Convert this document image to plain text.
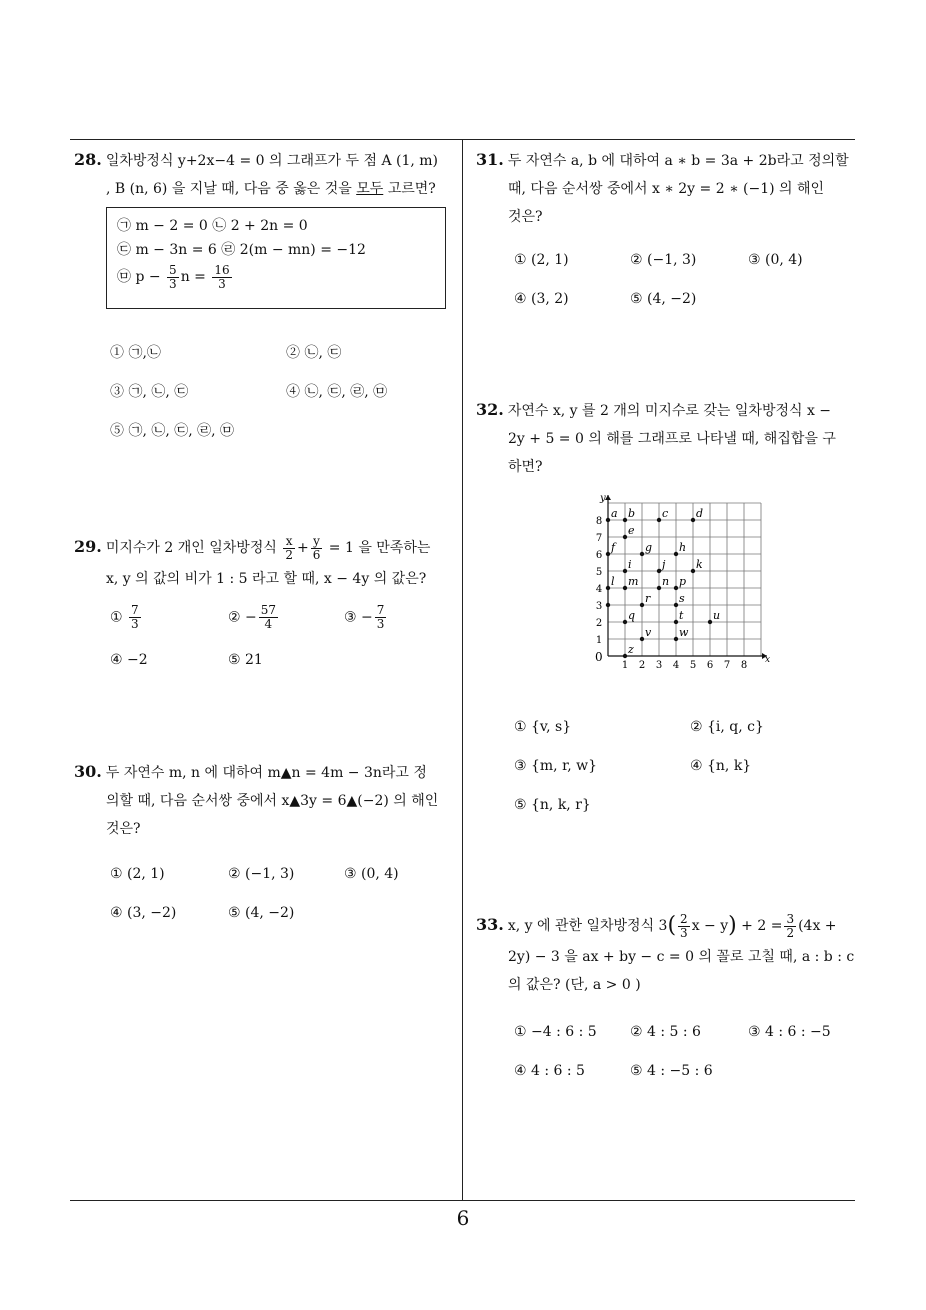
28. 일차방정식 y+2x−4 = 0 의 그래프가 두 점 A (1, m)
, B (n, 6) 을 지날 때, 다음 중 옳은 것을 모두 고르면?
㉠ m − 2 = 0 ㉡ 2 + 2n = 0
㉢ m − 3n = 6 ㉣ 2(m − mn) = −12
㉤ $p - \frac{5}{3}$ $n = \frac{16}{3}$
① ㉠,㉡	② ㉡, ㉢
③ ㉠, ㉡, ㉢	④ ㉡, ㉢, ㉣, ㉤
⑤ ㉠, ㉡, ㉢, ㉣, ㉤
29. 미지수가 2 개인 일차방정식 $\frac{x}{2} + \frac{y}{6} = 1$ 을 만족하는
x, y 의 값의 비가 1 : 5 라고 할 때, x − 4y 의 값은?
① $\frac{7}{3}$	② − $\frac{57}{4}$	③ − $\frac{7}{3}$
④ −2	⑤ 21
30. 두 자연수 m, n 에 대하여 m▲n = 4m − 3n라고 정
의할 때, 다음 순서쌍 중에서 x▲3y = 6▲(−2) 의 해인
것은?
① (2, 1)	② (−1, 3)	③ (0, 4)
④ (3, −2)	⑤ (4, −2)
31. 두 자연수 a, b 에 대하여 a ∗ b = 3a + 2b라고 정의할
때, 다음 순서쌍 중에서 x ∗ 2y = 2 ∗ (−1) 의 해인
것은?
① (2, 1)	② (−1, 3)	③ (0, 4)
④ (3, 2)	⑤ (4, −2)
32. 자연수 x, y 를 2 개의 미지수로 갖는 일차방정식 x −
2y + 5 = 0 의 해를 그래프로 나타낼 때, 해집합을 구
하면?
1 2 3 4 5 6 7 8
1
2
3
4
5
6
7
8
a b c	d
e
f	g h
i	j	k
l m n p
r	s
q	t	u
v	w
z
x
y
0
① {v, s}	② {i, q, c}
③ {m, r, w}	④ {n, k}
⑤ {n, k, r}
33. x, y 에 관한 일차방정식 $3( \frac{2}{3}$ $x - y) + 2 = \frac{3}{2} (4x$ +
2y) − 3 을 ax + by − c = 0 의 꼴로 고칠 때, a : b : c
의 값은? (단, a > 0 )
① −4 : 6 : 5 ② 4 : 5 : 6	③ 4 : 6 : −5
④ 4 : 6 : 5	⑤ 4 : −5 : 6
6
